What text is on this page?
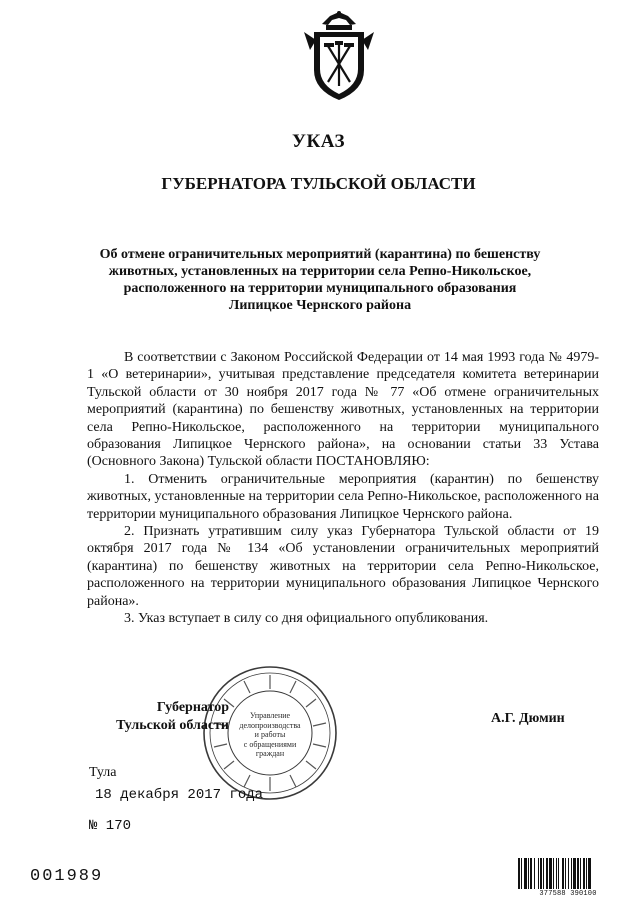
УКАЗ
ГУБЕРНАТОРА ТУЛЬСКОЙ ОБЛАСТИ
Об отмене ограничительных мероприятий (карантина) по бешенству
животных, установленных на территории села Репно-Никольское,
расположенного на территории муниципального образования
Липицкое Чернского района

В соответствии с Законом Российской Федерации от 14 мая 1993 года № 4979-1 «О ветеринарии», учитывая представление председателя комитета ветеринарии Тульской области от 30 ноября 2017 года № 77 «Об отмене ограничительных мероприятий (карантина) по бешенству животных, установленных на территории села Репно-Никольское, расположенного на территории муниципального образования Липицкое Чернского района», на основании статьи 33 Устава (Основного Закона) Тульской области ПОСТАНОВЛЯЮ:

1. Отменить ограничительные мероприятия (карантин) по бешенству животных, установленные на территории села Репно-Никольское, расположенного на территории муниципального образования Липицкое Чернского района.

2. Признать утратившим силу указ Губернатора Тульской области от 19 октября 2017 года № 134 «Об установлении ограничительных мероприятий (карантина) по бешенству животных на территории села Репно-Никольское, расположенного на территории муниципального образования Липицкое Чернского района».

3. Указ вступает в силу со дня официального опубликования.

Управление
делопроизводства
и работы
с обращениями
граждан
Губернатор
Тульской области	А.Г. Дюмин
Тула
18 декабря 2017 года
№ 170
001989
377588 390100
